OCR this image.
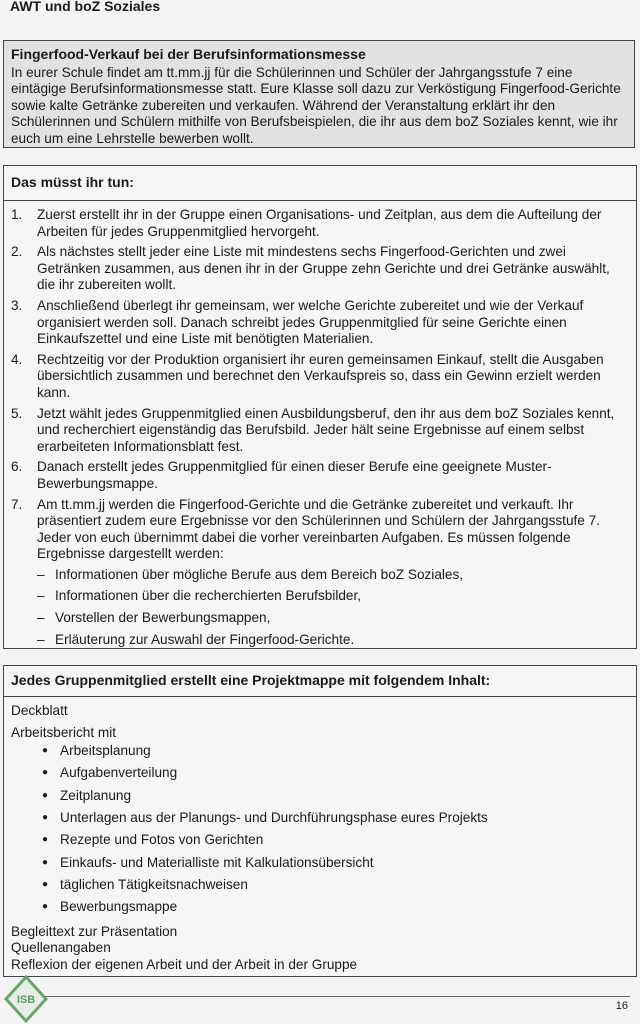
AWT und boZ Soziales
Fingerfood-Verkauf bei der Berufsinformationsmesse
In eurer Schule findet am tt.mm.jj für die Schülerinnen und Schüler der Jahrgangsstufe 7 eine eintägige Berufsinformationsmesse statt. Eure Klasse soll dazu zur Verköstigung Fingerfood-Gerichte sowie kalte Getränke zubereiten und verkaufen. Während der Veranstaltung erklärt ihr den Schülerinnen und Schülern mithilfe von Berufsbeispielen, die ihr aus dem boZ Soziales kennt, wie ihr euch um eine Lehrstelle bewerben wollt.
Das müsst ihr tun:
1.	Zuerst erstellt ihr in der Gruppe einen Organisations- und Zeitplan, aus dem die Aufteilung der Arbeiten für jedes Gruppenmitglied hervorgeht.
2.	Als nächstes stellt jeder eine Liste mit mindestens sechs Fingerfood-Gerichten und zwei Getränken zusammen, aus denen ihr in der Gruppe zehn Gerichte und drei Getränke auswählt, die ihr zubereiten wollt.
3.	Anschließend überlegt ihr gemeinsam, wer welche Gerichte zubereitet und wie der Verkauf organisiert werden soll. Danach schreibt jedes Gruppenmitglied für seine Gerichte einen Einkaufszettel und eine Liste mit benötigten Materialien.
4.	Rechtzeitig vor der Produktion organisiert ihr euren gemeinsamen Einkauf, stellt die Ausgaben übersichtlich zusammen und berechnet den Verkaufspreis so, dass ein Gewinn erzielt werden kann.
5.	Jetzt wählt jedes Gruppenmitglied einen Ausbildungsberuf, den ihr aus dem boZ Soziales kennt, und recherchiert eigenständig das Berufsbild. Jeder hält seine Ergebnisse auf einem selbst erarbeiteten Informationsblatt fest.
6.	Danach erstellt jedes Gruppenmitglied für einen dieser Berufe eine geeignete Muster-Bewerbungsmappe.
7.	Am tt.mm.jj werden die Fingerfood-Gerichte und die Getränke zubereitet und verkauft. Ihr präsentiert zudem eure Ergebnisse vor den Schülerinnen und Schülern der Jahrgangsstufe 7. Jeder von euch übernimmt dabei die vorher vereinbarten Aufgaben. Es müssen folgende Ergebnisse dargestellt werden:
– Informationen über mögliche Berufe aus dem Bereich boZ Soziales,
– Informationen über die recherchierten Berufsbilder,
– Vorstellen der Bewerbungsmappen,
– Erläuterung zur Auswahl der Fingerfood-Gerichte.
Jedes Gruppenmitglied erstellt eine Projektmappe mit folgendem Inhalt:
Deckblatt
Arbeitsbericht mit
● Arbeitsplanung
● Aufgabenverteilung
● Zeitplanung
● Unterlagen aus der Planungs- und Durchführungsphase eures Projekts
● Rezepte und Fotos von Gerichten
● Einkaufs- und Materialliste mit Kalkulationsübersicht
● täglichen Tätigkeitsnachweisen
● Bewerbungsmappe
Begleittext zur Präsentation
Quellenangaben
Reflexion der eigenen Arbeit und der Arbeit in der Gruppe
ISB	16
